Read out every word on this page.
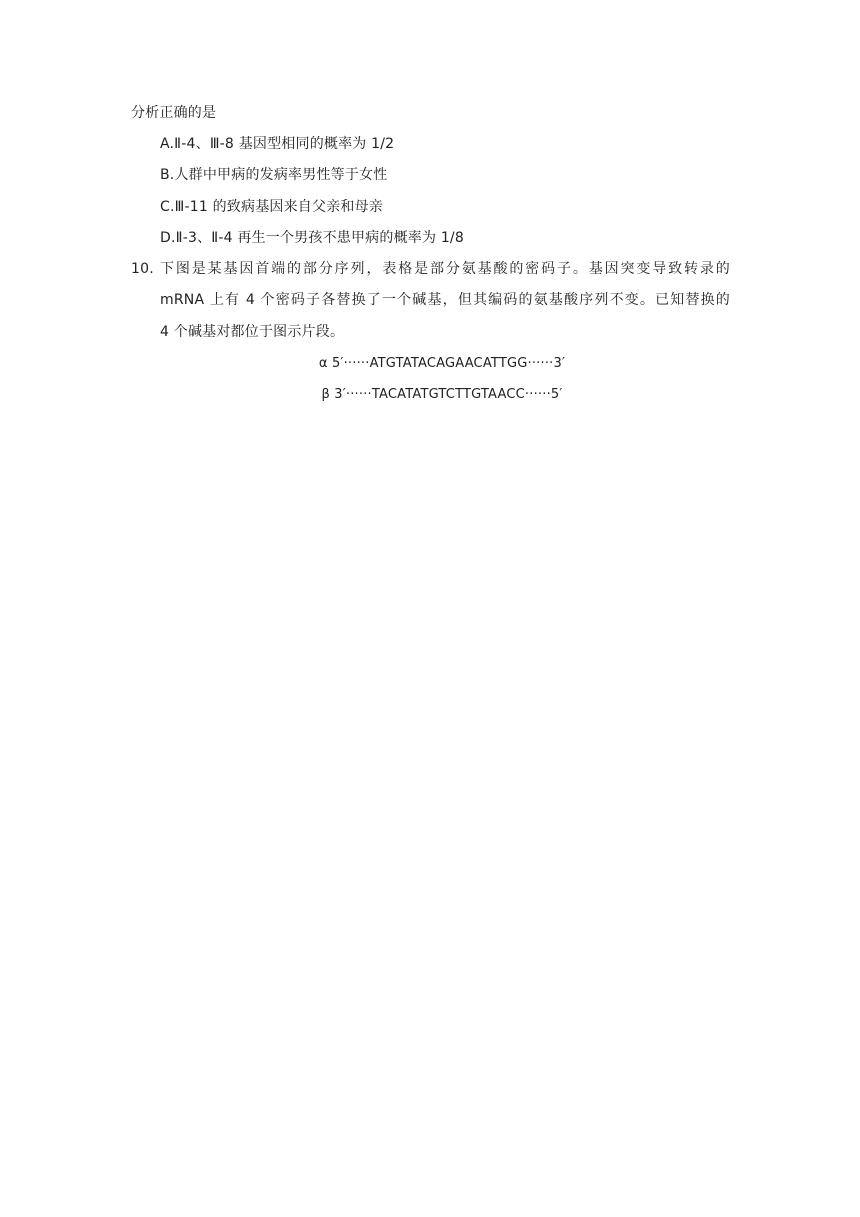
分析正确的是
A.Ⅱ-4、Ⅲ-8 基因型相同的概率为 1/2
B.人群中甲病的发病率男性等于女性
C.Ⅲ-11 的致病基因来自父亲和母亲
D.Ⅱ-3、Ⅱ-4 再生一个男孩不患甲病的概率为 1/8
10. 下图是某基因首端的部分序列，表格是部分氨基酸的密码子。基因突变导致转录的
mRNA 上有 4 个密码子各替换了一个碱基，但其编码的氨基酸序列不变。已知替换的
4 个碱基对都位于图示片段。
α 5′······ATGTATACAGAACATTGG······3′
β 3′······TACATATGTCTTGTAACC······5′
